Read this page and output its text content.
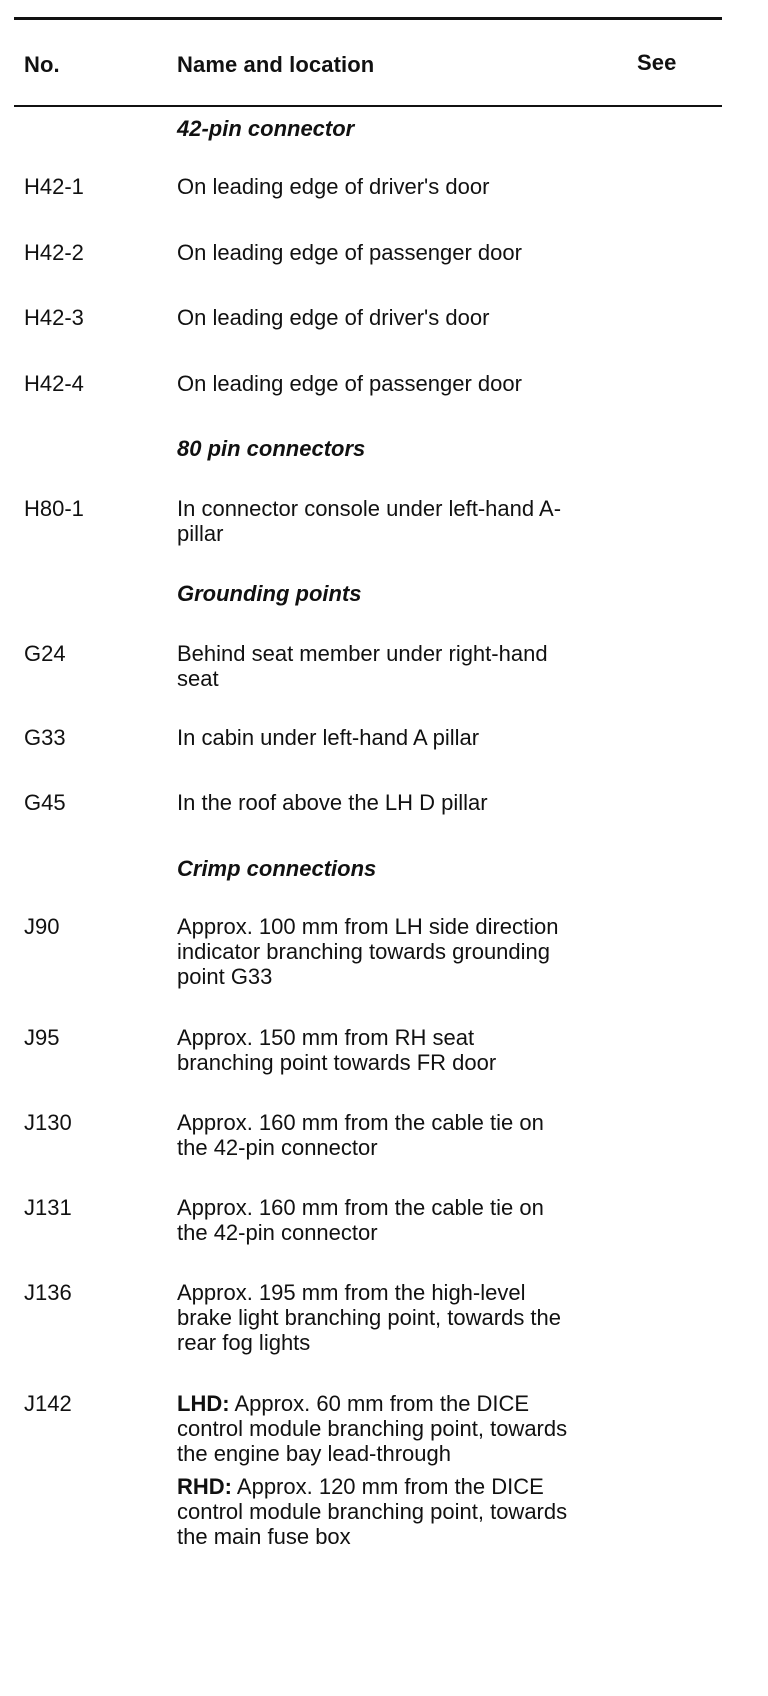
No.	Name and location	See
42-pin connector
H42-1	On leading edge of driver's door
H42-2	On leading edge of passenger door
H42-3	On leading edge of driver's door
H42-4	On leading edge of passenger door
80 pin connectors
H80-1	In connector console under left-hand A-
pillar
Grounding points
G24	Behind seat member under right-hand
seat
G33	In cabin under left-hand A pillar
G45	In the roof above the LH D pillar
Crimp connections
J90	Approx. 100 mm from LH side direction
indicator branching towards grounding
point G33
J95	Approx. 150 mm from RH seat
branching point towards FR door
J130	Approx. 160 mm from the cable tie on
the 42-pin connector
J131	Approx. 160 mm from the cable tie on
the 42-pin connector
J136	Approx. 195 mm from the high-level
brake light branching point, towards the
rear fog lights
J142	LHD: Approx. 60 mm from the DICE
control module branching point, towards
the engine bay lead-through
RHD: Approx. 120 mm from the DICE
control module branching point, towards
the main fuse box
